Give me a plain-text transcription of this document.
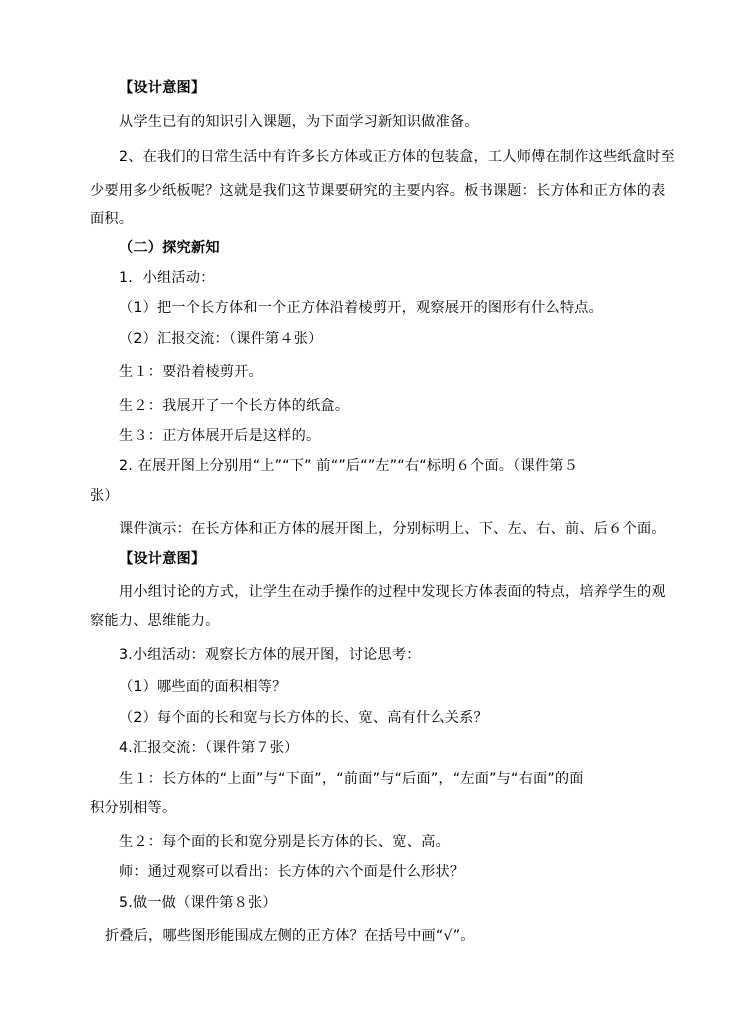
【设计意图】
从学生已有的知识引入课题，为下面学习新知识做准备。
2、在我们的日常生活中有许多长方体或正方体的包装盒，工人师傅在制作这些纸盒时至
少要用多少纸板呢？这就是我们这节课要研究的主要内容。板书课题：长方体和正方体的表
面积。
（二）探究新知
1．小组活动：
（1）把一个长方体和一个正方体沿着棱剪开，观察展开的图形有什么特点。
（2）汇报交流：（课件第４张）
生１：要沿着棱剪开。
生２：我展开了一个长方体的纸盒。
生３：正方体展开后是这样的。
2. 在展开图上分别用“上”“下” 前“”后“”左”“右“标明６个面。（课件第５
张）
课件演示：在长方体和正方体的展开图上，分别标明上、下、左、右、前、后６个面。
【设计意图】
用小组讨论的方式，让学生在动手操作的过程中发现长方体表面的特点，培养学生的观
察能力、思维能力。
3.小组活动：观察长方体的展开图，讨论思考：
（1）哪些面的面积相等？
（2）每个面的长和宽与长方体的长、宽、高有什么关系？
4.汇报交流：（课件第７张）
生１：长方体的“上面”与“下面”，“前面”与“后面”，“左面”与“右面”的面
积分别相等。
生２：每个面的长和宽分别是长方体的长、宽、高。
师：通过观察可以看出：长方体的六个面是什么形状？
5.做一做（课件第８张）
折叠后，哪些图形能围成左侧的正方体？在括号中画“√”。
